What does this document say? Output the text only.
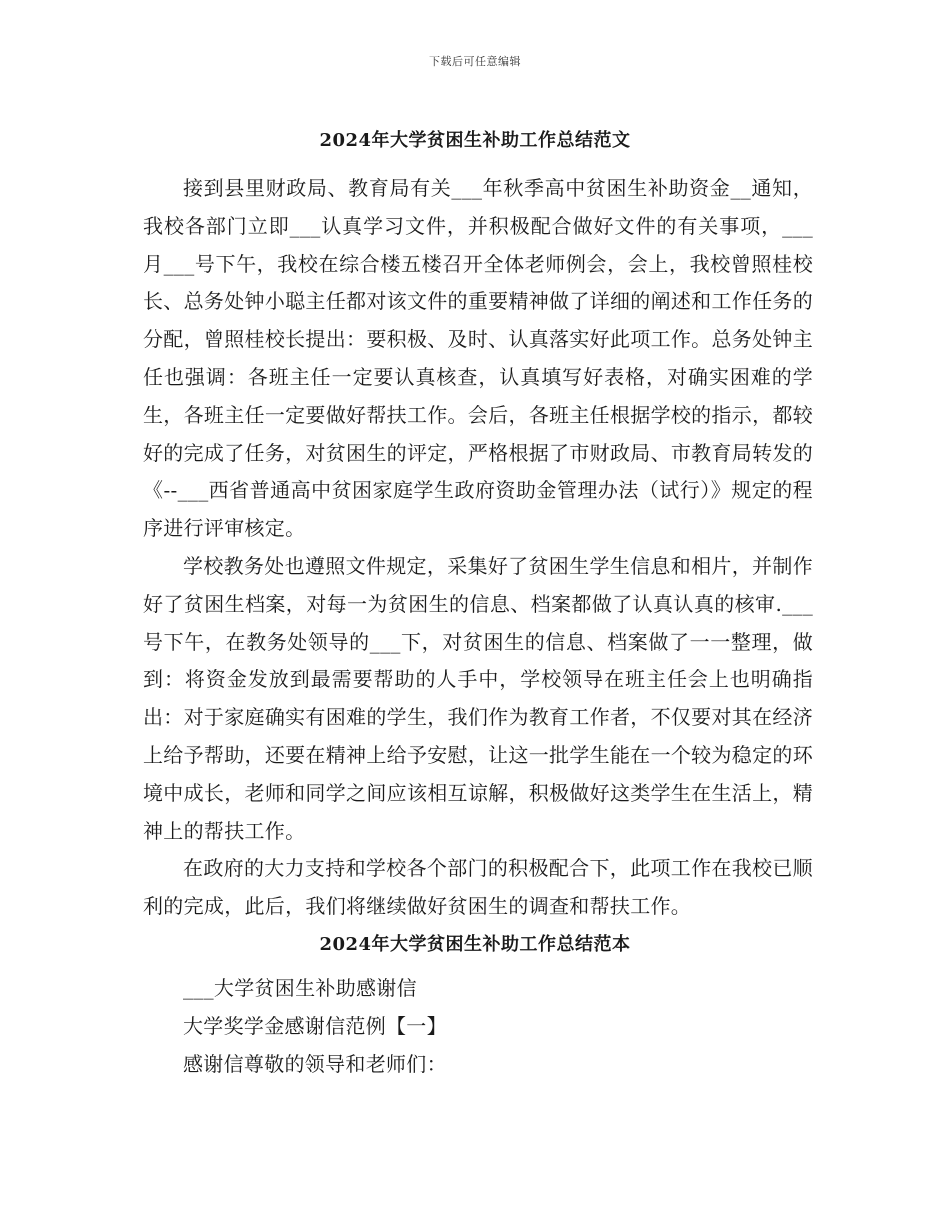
下载后可任意编辑
2024年大学贫困生补助工作总结范文

接到县里财政局、教育局有关___年秋季高中贫困生补助资金__通知，我校各部门立即___认真学习文件，并积极配合做好文件的有关事项，___月___号下午，我校在综合楼五楼召开全体老师例会，会上，我校曾照桂校长、总务处钟小聪主任都对该文件的重要精神做了详细的阐述和工作任务的分配，曾照桂校长提出：要积极、及时、认真落实好此项工作。总务处钟主任也强调：各班主任一定要认真核查，认真填写好表格，对确实困难的学生，各班主任一定要做好帮扶工作。会后，各班主任根据学校的指示，都较好的完成了任务，对贫困生的评定，严格根据了市财政局、市教育局转发的《--___西省普通高中贫困家庭学生政府资助金管理办法（试行）》规定的程序进行评审核定。

学校教务处也遵照文件规定，采集好了贫困生学生信息和相片，并制作好了贫困生档案，对每一为贫困生的信息、档案都做了认真认真的核审.___号下午，在教务处领导的___下，对贫困生的信息、档案做了一一整理，做到：将资金发放到最需要帮助的人手中，学校领导在班主任会上也明确指出：对于家庭确实有困难的学生，我们作为教育工作者，不仅要对其在经济上给予帮助，还要在精神上给予安慰，让这一批学生能在一个较为稳定的环境中成长，老师和同学之间应该相互谅解，积极做好这类学生在生活上，精神上的帮扶工作。

在政府的大力支持和学校各个部门的积极配合下，此项工作在我校已顺利的完成，此后，我们将继续做好贫困生的调查和帮扶工作。

2024年大学贫困生补助工作总结范本

___大学贫困生补助感谢信

大学奖学金感谢信范例【一】

感谢信尊敬的领导和老师们：
